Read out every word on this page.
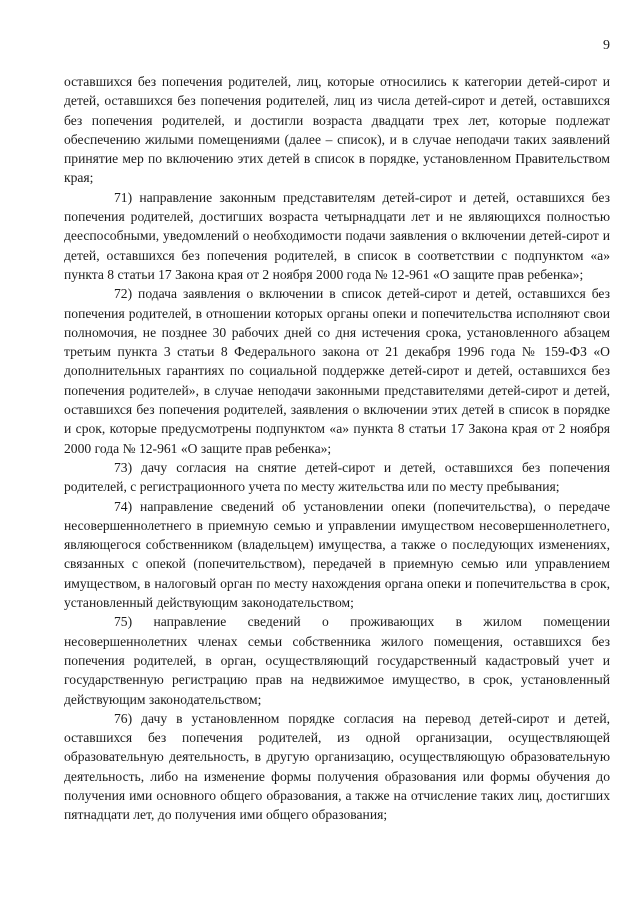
9

оставшихся без попечения родителей, лиц, которые относились к категории детей-сирот и детей, оставшихся без попечения родителей, лиц из числа детей-сирот и детей, оставшихся без попечения родителей, и достигли возраста двадцати трех лет, которые подлежат обеспечению жилыми помещениями (далее – список), и в случае неподачи таких заявлений принятие мер по включению этих детей в список в порядке, установленном Правительством края;

71) направление законным представителям детей-сирот и детей, оставшихся без попечения родителей, достигших возраста четырнадцати лет и не являющихся полностью дееспособными, уведомлений о необходимости подачи заявления о включении детей-сирот и детей, оставшихся без попечения родителей, в список в соответствии с подпунктом «а» пункта 8 статьи 17 Закона края от 2 ноября 2000 года № 12-961 «О защите прав ребенка»;

72) подача заявления о включении в список детей-сирот и детей, оставшихся без попечения родителей, в отношении которых органы опеки и попечительства исполняют свои полномочия, не позднее 30 рабочих дней со дня истечения срока, установленного абзацем третьим пункта 3 статьи 8 Федерального закона от 21 декабря 1996 года № 159-ФЗ «О дополнительных гарантиях по социальной поддержке детей-сирот и детей, оставшихся без попечения родителей», в случае неподачи законными представителями детей-сирот и детей, оставшихся без попечения родителей, заявления о включении этих детей в список в порядке и срок, которые предусмотрены подпунктом «а» пункта 8 статьи 17 Закона края от 2 ноября 2000 года № 12-961 «О защите прав ребенка»;

73) дачу согласия на снятие детей-сирот и детей, оставшихся без попечения родителей, с регистрационного учета по месту жительства или по месту пребывания;

74) направление сведений об установлении опеки (попечительства), о передаче несовершеннолетнего в приемную семью и управлении имуществом несовершеннолетнего, являющегося собственником (владельцем) имущества, а также о последующих изменениях, связанных с опекой (попечительством), передачей в приемную семью или управлением имуществом, в налоговый орган по месту нахождения органа опеки и попечительства в срок, установленный действующим законодательством;

75) направление сведений о проживающих в жилом помещении несовершеннолетних членах семьи собственника жилого помещения, оставшихся без попечения родителей, в орган, осуществляющий государственный кадастровый учет и государственную регистрацию прав на недвижимое имущество, в срок, установленный действующим законодательством;

76) дачу в установленном порядке согласия на перевод детей-сирот и детей, оставшихся без попечения родителей, из одной организации, осуществляющей образовательную деятельность, в другую организацию, осуществляющую образовательную деятельность, либо на изменение формы получения образования или формы обучения до получения ими основного общего образования, а также на отчисление таких лиц, достигших пятнадцати лет, до получения ими общего образования;
